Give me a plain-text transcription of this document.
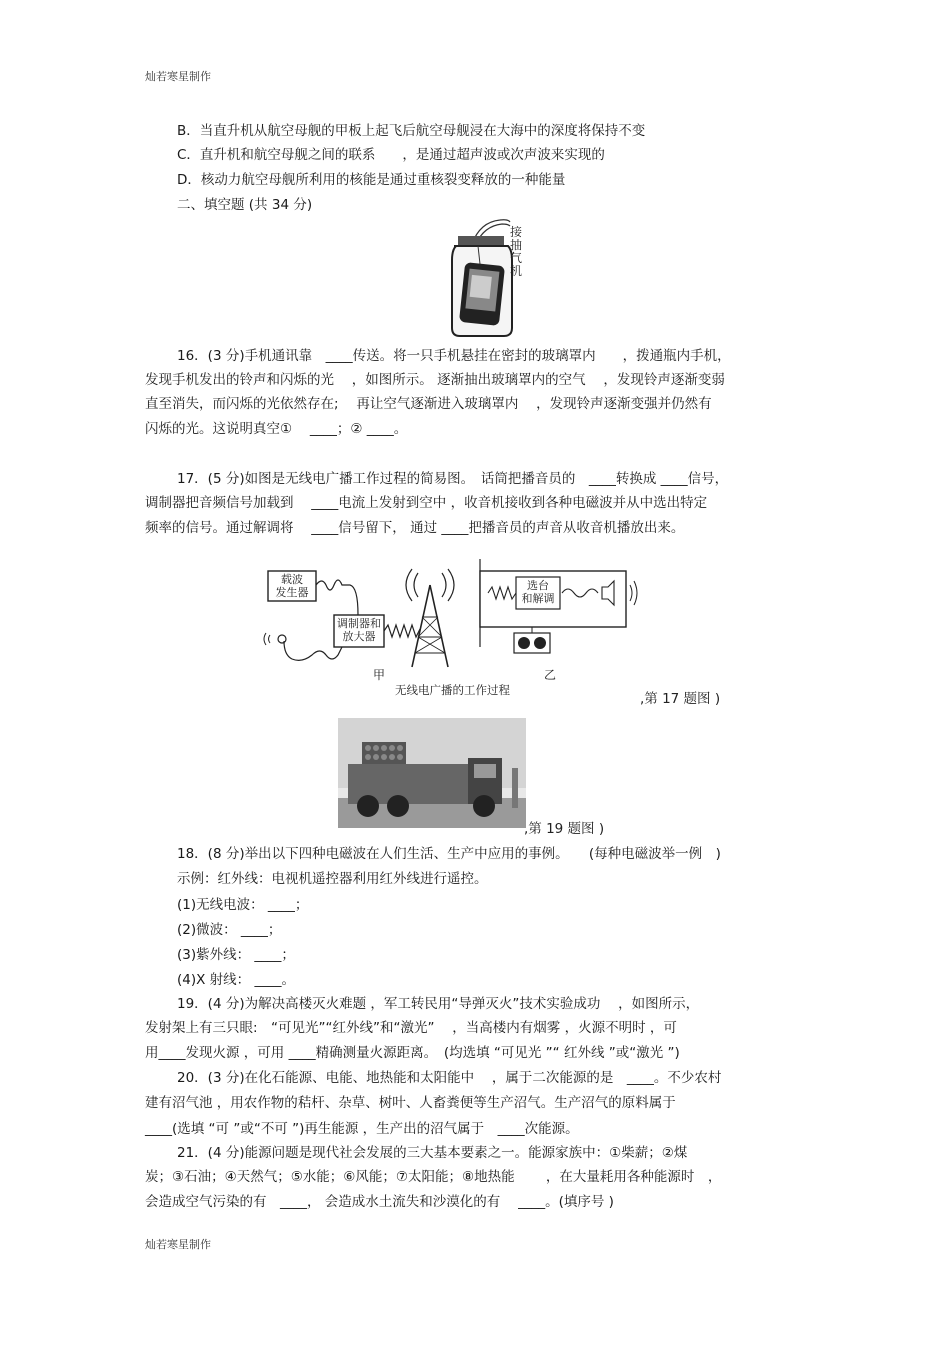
灿若寒星制作
B．当直升机从航空母舰的甲板上起飞后航空母舰浸在大海中的深度将保持不变
C．直升机和航空母舰之间的联系　　，是通过超声波或次声波来实现的
D．核动力航空母舰所利用的核能是通过重核裂变释放的一种能量
二、填空题 (共 34 分)
接抽气机
16．(3 分)手机通讯靠　____传送。将一只手机悬挂在密封的玻璃罩内　　，拨通瓶内手机，
发现手机发出的铃声和闪烁的光　 ，如图所示。 逐渐抽出玻璃罩内的空气　 ，发现铃声逐渐变弱
直至消失，而闪烁的光依然存在;　 再让空气逐渐进入玻璃罩内　 ，发现铃声逐渐变强并仍然有
闪烁的光。这说明真空①　 ____；② ____。
17．(5 分)如图是无线电广播工作过程的简易图。　话筒把播音员的　____转换成 ____信号，
调制器把音频信号加载到　 ____电流上发射到空中 ，收音机接收到各种电磁波并从中选出特定
频率的信号。通过解调将　 ____信号留下， 通过 ____把播音员的声音从收音机播放出来。
载波
发生器
调制器和
放大器
选台
和解调
甲	乙
无线电广播的工作过程
,第 17 题图 )
,第 19 题图 )
18．(8 分)举出以下四种电磁波在人们生活、生产中应用的事例。　　(每种电磁波举一例　)
示例：红外线：电视机遥控器利用红外线进行遥控。
(1)无线电波： ____；
(2)微波： ____；
(3)紫外线： ____；
(4)X 射线： ____。
19．(4 分)为解决高楼灭火难题 ，军工转民用“导弹灭火”技术实验成功　 ，如图所示，
发射架上有三只眼:　“可见光”“红外线”和“激光”　 ，当高楼内有烟雾 ，火源不明时 ，可
用____发现火源 ，可用 ____精确测量火源距离。　(均选填 “可见光 ”“ 红外线 ”或“激光 ”)
20．(3 分)在化石能源、电能、地热能和太阳能中　 ，属于二次能源的是　____。不少农村
建有沼气池 ，用农作物的秸杆、杂草、树叶、人畜粪便等生产沼气。生产沼气的原料属于
____(选填 “可 ”或“不可 ”)再生能源 ，生产出的沼气属于　____次能源。
21．(4 分)能源问题是现代社会发展的三大基本要素之一。能源家族中：①柴薪；②煤
炭；③石油；④天然气；⑤水能；⑥风能；⑦太阳能；⑧地热能　　 ，在大量耗用各种能源时　，
会造成空气污染的有　____， 会造成水土流失和沙漠化的有　 ____。(填序号 )
灿若寒星制作
